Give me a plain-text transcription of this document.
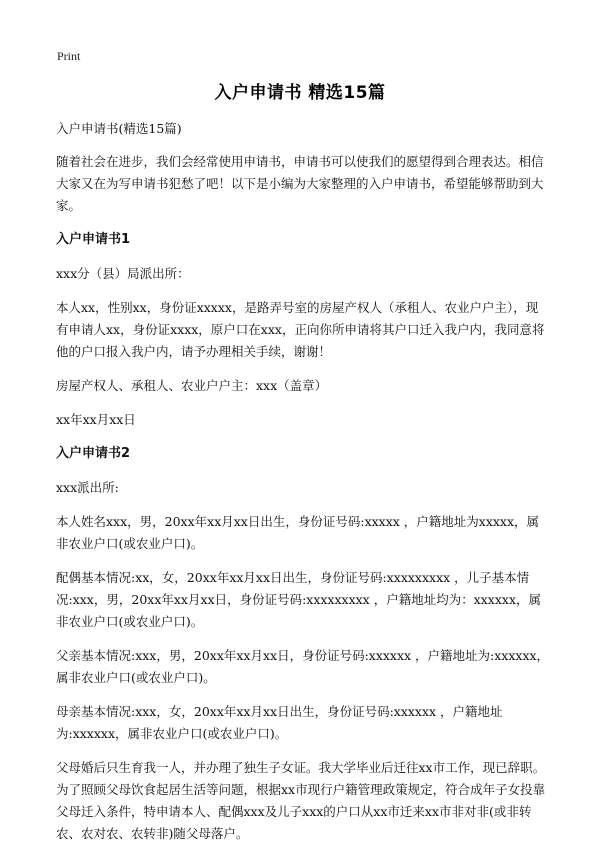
Print
入户申请书 精选15篇

入户申请书(精选15篇)

随着社会在进步，我们会经常使用申请书，申请书可以使我们的愿望得到合理表达。相信大家又在为写申请书犯愁了吧！以下是小编为大家整理的入户申请书，希望能够帮助到大家。

入户申请书1

xxx分（县）局派出所：

本人xx，性别xx，身份证xxxxx，是路弄号室的房屋产权人（承租人、农业户户主），现有申请人xx，身份证xxxx，原户口在xxx，正向你所申请将其户口迁入我户内，我同意将他的户口报入我户内，请予办理相关手续，谢谢！

房屋产权人、承租人、农业户户主：xxx（盖章）

xx年xx月xx日

入户申请书2

xxx派出所:

本人姓名xxx，男，20xx年xx月xx日出生，身份证号码:xxxxx ，户籍地址为xxxxx，属非农业户口(或农业户口)。

配偶基本情况:xx，女，20xx年xx月xx日出生，身份证号码:xxxxxxxxx ，儿子基本情况:xxx，男，20xx年xx月xx日，身份证号码:xxxxxxxxx ，户籍地址均为：xxxxxx，属非农业户口(或农业户口)。

父亲基本情况:xxx，男，20xx年xx月xx日，身份证号码:xxxxxx ，户籍地址为:xxxxxx，属非农业户口(或农业户口)。

母亲基本情况:xxx，女，20xx年xx月xx日出生，身份证号码:xxxxxx ，户籍地址为:xxxxxx，属非农业户口(或农业户口)。

父母婚后只生育我一人，并办理了独生子女证。我大学毕业后迁往xx市工作，现已辞职。为了照顾父母饮食起居生活等问题，根据xx市现行户籍管理政策规定，符合成年子女投靠父母迁入条件，特申请本人、配偶xxx及儿子xxx的户口从xx市迁来xx市非对非(或非转农、农对农、农转非)随父母落户。
